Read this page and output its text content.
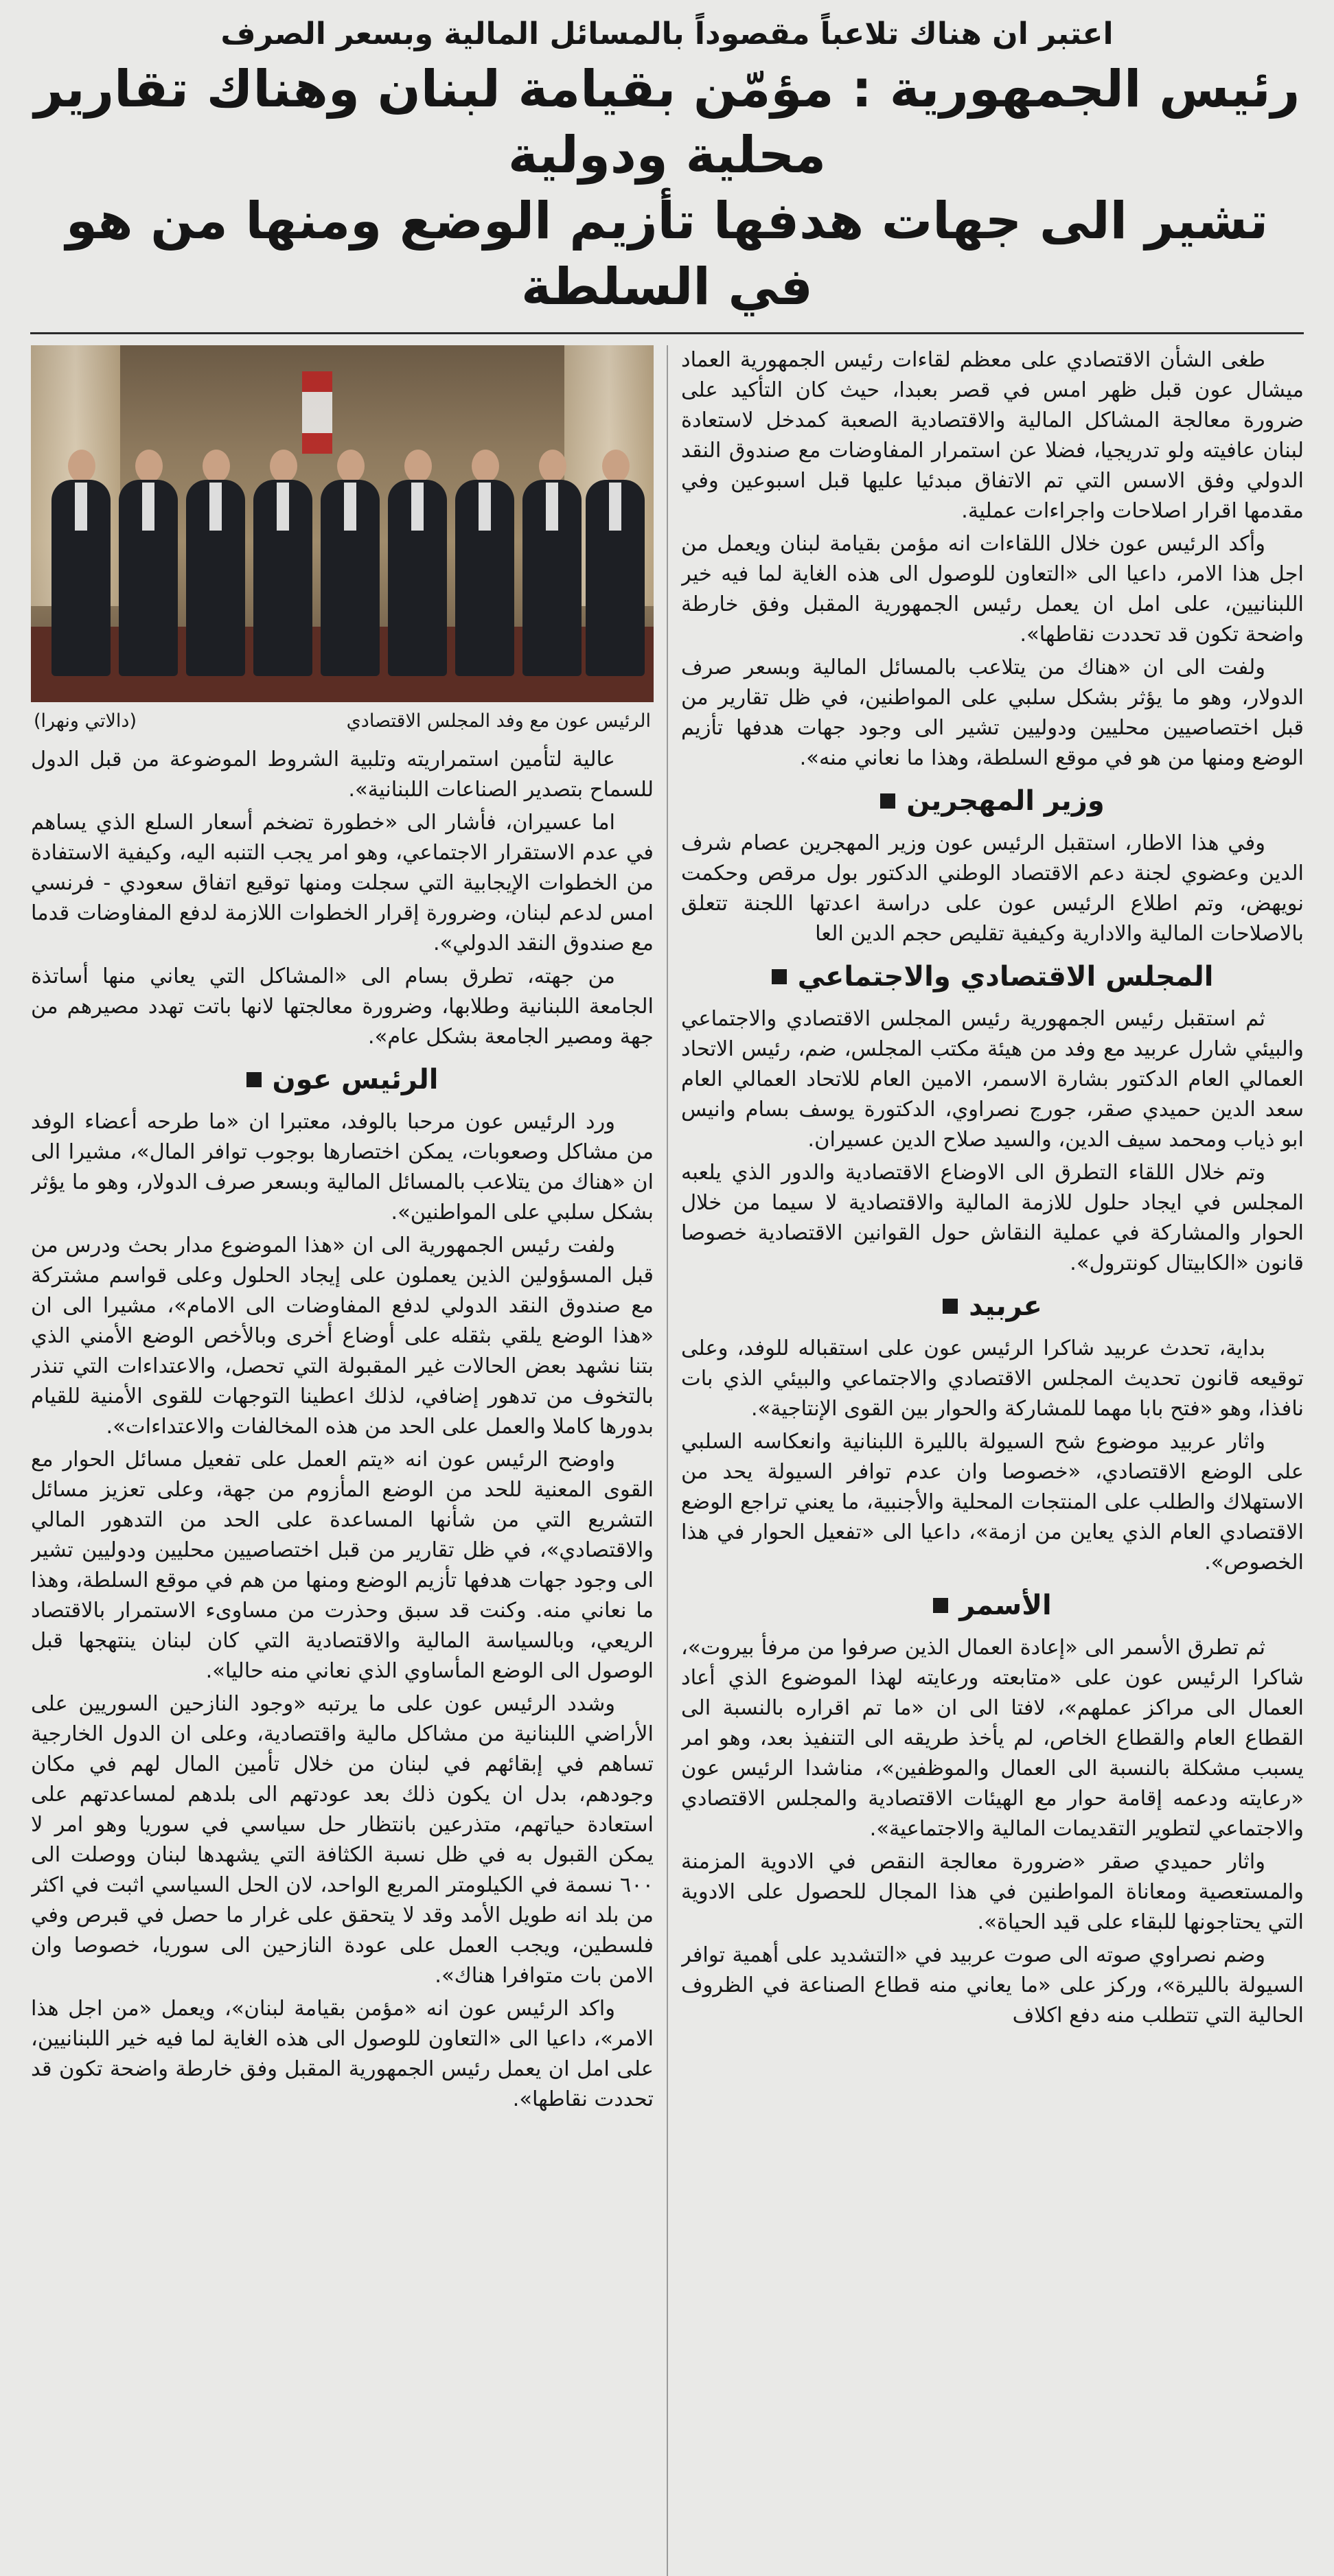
اعتبر ان هناك تلاعباً مقصوداً بالمسائل المالية وبسعر الصرف
رئيس الجمهورية : مؤمّن بقيامة لبنان وهناك تقارير محلية ودولية
تشير الى جهات هدفها تأزيم الوضع ومنها من هو في السلطة

طغى الشأن الاقتصادي على معظم لقاءات رئيس الجمهورية العماد ميشال عون قبل ظهر امس في قصر بعبدا، حيث كان التأكيد على ضرورة معالجة المشاكل المالية والاقتصادية الصعبة كمدخل لاستعادة لبنان عافيته ولو تدريجيا، فضلا عن استمرار المفاوضات مع صندوق النقد الدولي وفق الاسس التي تم الاتفاق مبدئيا عليها قبل اسبوعين وفي مقدمها اقرار اصلاحات واجراءات عملية.

وأكد الرئيس عون خلال اللقاءات انه مؤمن بقيامة لبنان ويعمل من اجل هذا الامر، داعيا الى «التعاون للوصول الى هذه الغاية لما فيه خير اللبنانيين، على امل ان يعمل رئيس الجمهورية المقبل وفق خارطة واضحة تكون قد تحددت نقاطها».

ولفت الى ان «هناك من يتلاعب بالمسائل المالية وبسعر صرف الدولار، وهو ما يؤثر بشكل سلبي على المواطنين، في ظل تقارير من قبل اختصاصيين محليين ودوليين تشير الى وجود جهات هدفها تأزيم الوضع ومنها من هو في موقع السلطة، وهذا ما نعاني منه».

وزير المهجرين

وفي هذا الاطار، استقبل الرئيس عون وزير المهجرين عصام شرف الدين وعضوي لجنة دعم الاقتصاد الوطني الدكتور بول مرقص وحكمت نويهض، وتم اطلاع الرئيس عون على دراسة اعدتها اللجنة تتعلق بالاصلاحات المالية والادارية وكيفية تقليص حجم الدين العا

المجلس الاقتصادي والاجتماعي

ثم استقبل رئيس الجمهورية رئيس المجلس الاقتصادي والاجتماعي والبيئي شارل عربيد مع وفد من هيئة مكتب المجلس، ضم، رئيس الاتحاد العمالي العام الدكتور بشارة الاسمر، الامين العام للاتحاد العمالي العام سعد الدين حميدي صقر، جورج نصراوي، الدكتورة يوسف بسام وانيس ابو ذياب ومحمد سيف الدين، والسيد صلاح الدين عسيران.

وتم خلال اللقاء التطرق الى الاوضاع الاقتصادية والدور الذي يلعبه المجلس في ايجاد حلول للازمة المالية والاقتصادية لا سيما من خلال الحوار والمشاركة في عملية النقاش حول القوانين الاقتصادية خصوصا قانون «الكابيتال كونترول».

عربيد

بداية، تحدث عربيد شاكرا الرئيس عون على استقباله للوفد، وعلى توقيعه قانون تحديث المجلس الاقتصادي والاجتماعي والبيئي الذي بات نافذا، وهو «فتح بابا مهما للمشاركة والحوار بين القوى الإنتاجية».

واثار عربيد موضوع شح السيولة بالليرة اللبنانية وانعكاسه السلبي على الوضع الاقتصادي، «خصوصا وان عدم توافر السيولة يحد من الاستهلاك والطلب على المنتجات المحلية والأجنبية، ما يعني تراجع الوضع الاقتصادي العام الذي يعاين من ازمة»، داعيا الى «تفعيل الحوار في هذا الخصوص».

الأسمر

ثم تطرق الأسمر الى «إعادة العمال الذين صرفوا من مرفأ بيروت»، شاكرا الرئيس عون على «متابعته ورعايته لهذا الموضوع الذي أعاد العمال الى مراكز عملهم»، لافتا الى ان «ما تم اقراره بالنسبة الى القطاع العام والقطاع الخاص، لم يأخذ طريقه الى التنفيذ بعد، وهو امر يسبب مشكلة بالنسبة الى العمال والموظفين»، مناشدا الرئيس عون «رعايته ودعمه إقامة حوار مع الهيئات الاقتصادية والمجلس الاقتصادي والاجتماعي لتطوير التقديمات المالية والاجتماعية».

واثار حميدي صقر «ضرورة معالجة النقص في الادوية المزمنة والمستعصية ومعاناة المواطنين في هذا المجال للحصول على الادوية التي يحتاجونها للبقاء على قيد الحياة».

وضم نصراوي صوته الى صوت عربيد في «التشديد على أهمية توافر السيولة بالليرة»، وركز على «ما يعاني منه قطاع الصناعة في الظروف الحالية التي تتطلب منه دفع اكلاف

الرئيس عون مع وفد المجلس الاقتصادي
(دالاتي ونهرا)

عالية لتأمين استمراريته وتلبية الشروط الموضوعة من قبل الدول للسماح بتصدير الصناعات اللبنانية».

اما عسيران، فأشار الى «خطورة تضخم أسعار السلع الذي يساهم في عدم الاستقرار الاجتماعي، وهو امر يجب التنبه اليه، وكيفية الاستفادة من الخطوات الإيجابية التي سجلت ومنها توقيع اتفاق سعودي - فرنسي امس لدعم لبنان، وضرورة إقرار الخطوات اللازمة لدفع المفاوضات قدما مع صندوق النقد الدولي».

من جهته، تطرق بسام الى «المشاكل التي يعاني منها أساتذة الجامعة اللبنانية وطلابها، وضرورة معالجتها لانها باتت تهدد مصيرهم من جهة ومصير الجامعة بشكل عام».

الرئيس عون

ورد الرئيس عون مرحبا بالوفد، معتبرا ان «ما طرحه أعضاء الوفد من مشاكل وصعوبات، يمكن اختصارها بوجوب توافر المال»، مشيرا الى ان «هناك من يتلاعب بالمسائل المالية وبسعر صرف الدولار، وهو ما يؤثر بشكل سلبي على المواطنين».

ولفت رئيس الجمهورية الى ان «هذا الموضوع مدار بحث ودرس من قبل المسؤولين الذين يعملون على إيجاد الحلول وعلى قواسم مشتركة مع صندوق النقد الدولي لدفع المفاوضات الى الامام»، مشيرا الى ان «هذا الوضع يلقي بثقله على أوضاع أخرى وبالأخص الوضع الأمني الذي بتنا نشهد بعض الحالات غير المقبولة التي تحصل، والاعتداءات التي تنذر بالتخوف من تدهور إضافي، لذلك اعطينا التوجهات للقوى الأمنية للقيام بدورها كاملا والعمل على الحد من هذه المخالفات والاعتداءات».

واوضح الرئيس عون انه «يتم العمل على تفعيل مسائل الحوار مع القوى المعنية للحد من الوضع المأزوم من جهة، وعلى تعزيز مسائل التشريع التي من شأنها المساعدة على الحد من التدهور المالي والاقتصادي»، في ظل تقارير من قبل اختصاصيين محليين ودوليين تشير الى وجود جهات هدفها تأزيم الوضع ومنها من هم في موقع السلطة، وهذا ما نعاني منه. وكنت قد سبق وحذرت من مساوىء الاستمرار بالاقتصاد الريعي، وبالسياسة المالية والاقتصادية التي كان لبنان ينتهجها قبل الوصول الى الوضع المأساوي الذي نعاني منه حاليا».

وشدد الرئيس عون على ما يرتبه «وجود النازحين السوريين على الأراضي اللبنانية من مشاكل مالية واقتصادية، وعلى ان الدول الخارجية تساهم في إبقائهم في لبنان من خلال تأمين المال لهم في مكان وجودهم، بدل ان يكون ذلك بعد عودتهم الى بلدهم لمساعدتهم على استعادة حياتهم، متذرعين بانتظار حل سياسي في سوريا وهو امر لا يمكن القبول به في ظل نسبة الكثافة التي يشهدها لبنان ووصلت الى ٦٠٠ نسمة في الكيلومتر المربع الواحد، لان الحل السياسي اثبت في اكثر من بلد انه طويل الأمد وقد لا يتحقق على غرار ما حصل في قبرص وفي فلسطين، ويجب العمل على عودة النازحين الى سوريا، خصوصا وان الامن بات متوافرا هناك».

واكد الرئيس عون انه «مؤمن بقيامة لبنان»، ويعمل «من اجل هذا الامر»، داعيا الى «التعاون للوصول الى هذه الغاية لما فيه خير اللبنانيين، على امل ان يعمل رئيس الجمهورية المقبل وفق خارطة واضحة تكون قد تحددت نقاطها».
